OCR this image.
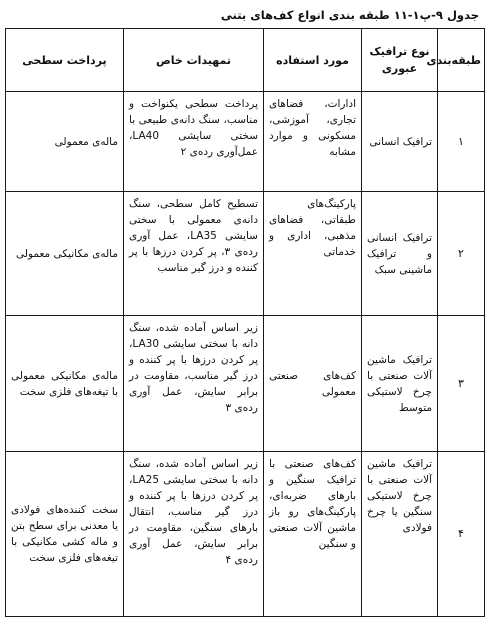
جدول ۹-پ۱-۱۱ طبقه بندی انواع کف‌های بتنی
طبقه‌بندی	نوع ترافیک عبوری	مورد استفاده	تمهیدات خاص	پرداخت سطحی
۱	ترافیک انسانی	ادارات، فضاهای تجاری، آموزشی، مسکونی و موارد مشابه	پرداخت سطحی یکنواخت و مناسب، سنگ دانه‌ی طبیعی با سختی سایشی LA40، عمل‌آوری رده‌ی ۲	ماله‌ی معمولی
۲	ترافیک انسانی و ترافیک ماشینی سبک	پارکینگ‌های طبقاتی، فضاهای مذهبی، اداری و خدماتی	تسطیح کامل سطحی، سنگ دانه‌ی معمولی با سختی سایشی LA35، عمل آوری رده‌ی ۳، پر کردن درزها با پر کننده و درز گیر مناسب	ماله‌ی مکانیکی معمولی
۳	ترافیک ماشین آلات صنعتی با چرخ لاستیکی متوسط	کف‌های صنعتی معمولی	زیر اساس آماده شده، سنگ دانه با سختی سایشی LA30، پر کردن درزها با پر کننده و درز گیر مناسب، مقاومت در برابر سایش، عمل آوری رده‌ی ۳	ماله‌ی مکانیکی معمولی با تیغه‌های فلزی سخت
۴	ترافیک ماشین آلات صنعتی با چرخ لاستیکی سنگین یا چرخ فولادی	کف‌های صنعتی با ترافیک سنگین و بارهای ضربه‌ای، پارکینگ‌های رو باز ماشین آلات صنعتی و سنگین	زیر اساس آماده شده، سنگ دانه با سختی سایشی LA25، پر کردن درزها با پر کننده و درز گیر مناسب، انتقال بارهای سنگین، مقاومت در برابر سایش، عمل آوری رده‌ی ۴	سخت کننده‌های فولادی یا معدنی برای سطح بتن و ماله کشی مکانیکی با تیغه‌های فلزی سخت
